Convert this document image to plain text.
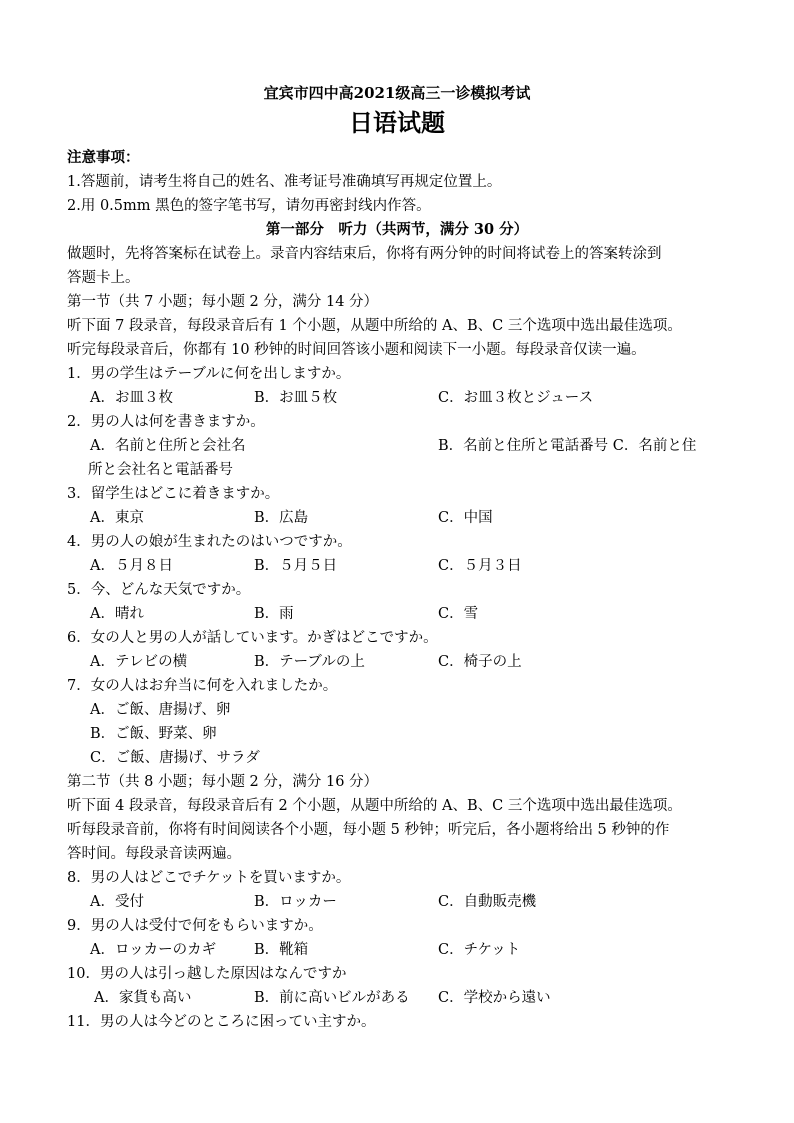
宜宾市四中高2021级高三一诊模拟考试
日语试题
注意事项：
1.答题前，请考生将自己的姓名、准考证号准确填写再规定位置上。
2.用 0.5mm 黑色的签字笔书写，请勿再密封线内作答。
第一部分　听力（共两节，满分 30 分）
做题时，先将答案标在试卷上。录音内容结束后，你将有两分钟的时间将试卷上的答案转涂到
答题卡上。
第一节（共 7 小题；每小题 2 分，满分 14 分）
听下面 7 段录音，每段录音后有 1 个小题，从题中所给的 A、B、C 三个选项中选出最佳选项。
听完每段录音后，你都有 10 秒钟的时间回答该小题和阅读下一小题。每段录音仅读一遍。
1．男の学生はテーブルに何を出しますか。
A．お皿３枚	B．お皿５枚	C．お皿３枚とジュース
2．男の人は何を書きますか。
A．名前と住所と会社名	B．名前と住所と電話番号 C．名前と住
所と会社名と電話番号
3．留学生はどこに着きますか。
A．東京	B．広島	C．中国
4．男の人の娘が生まれたのはいつですか。
A．５月８日	B．５月５日	C．５月３日
5．今、どんな天気ですか。
A．晴れ	B．雨	C．雪
6．女の人と男の人が話しています。かぎはどこですか。
A．テレビの横	B．テーブルの上	C．椅子の上
7．女の人はお弁当に何を入れましたか。
A．ご飯、唐揚げ、卵
B．ご飯、野菜、卵
C．ご飯、唐揚げ、サラダ
第二节（共 8 小题；每小题 2 分，满分 16 分）
听下面 4 段录音，每段录音后有 2 个小题，从题中所给的 A、B、C 三个选项中选出最佳选项。
听每段录音前，你将有时间阅读各个小题，每小题 5 秒钟；听完后，各小题将给出 5 秒钟的作
答时间。每段录音读两遍。
8．男の人はどこでチケットを買いますか。
A．受付	B．ロッカー	C．自動販売機
9．男の人は受付で何をもらいますか。
A．ロッカーのカギ	B．靴箱	C．チケット
10．男の人は引っ越した原因はなんですか
A．家貨も高い	B．前に高いビルがある C．学校から遠い
11．男の人は今どのところに困ってい主すか。
